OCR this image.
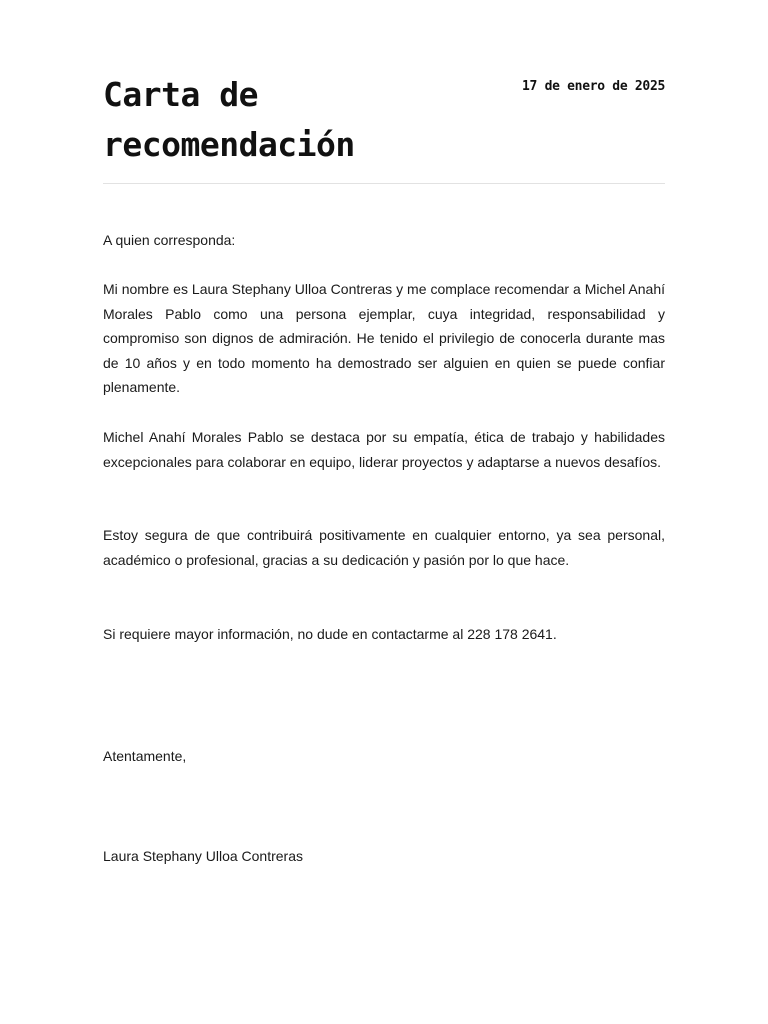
Carta de recomendación

17 de enero de 2025

A quien corresponda:

Mi nombre es Laura Stephany Ulloa Contreras y me complace recomendar a Michel Anahí Morales Pablo como una persona ejemplar, cuya integridad, responsabilidad y compromiso son dignos de admiración. He tenido el privilegio de conocerla durante mas de 10 años y en todo momento ha demostrado ser alguien en quien se puede confiar plenamente.

Michel Anahí Morales Pablo se destaca por su empatía, ética de trabajo y habilidades excepcionales para colaborar en equipo, liderar proyectos y adaptarse a nuevos desafíos.

Estoy segura de que contribuirá positivamente en cualquier entorno, ya sea personal, académico o profesional, gracias a su dedicación y pasión por lo que hace.

Si requiere mayor información, no dude en contactarme al 228 178 2641.

Atentamente,

Laura Stephany Ulloa Contreras
